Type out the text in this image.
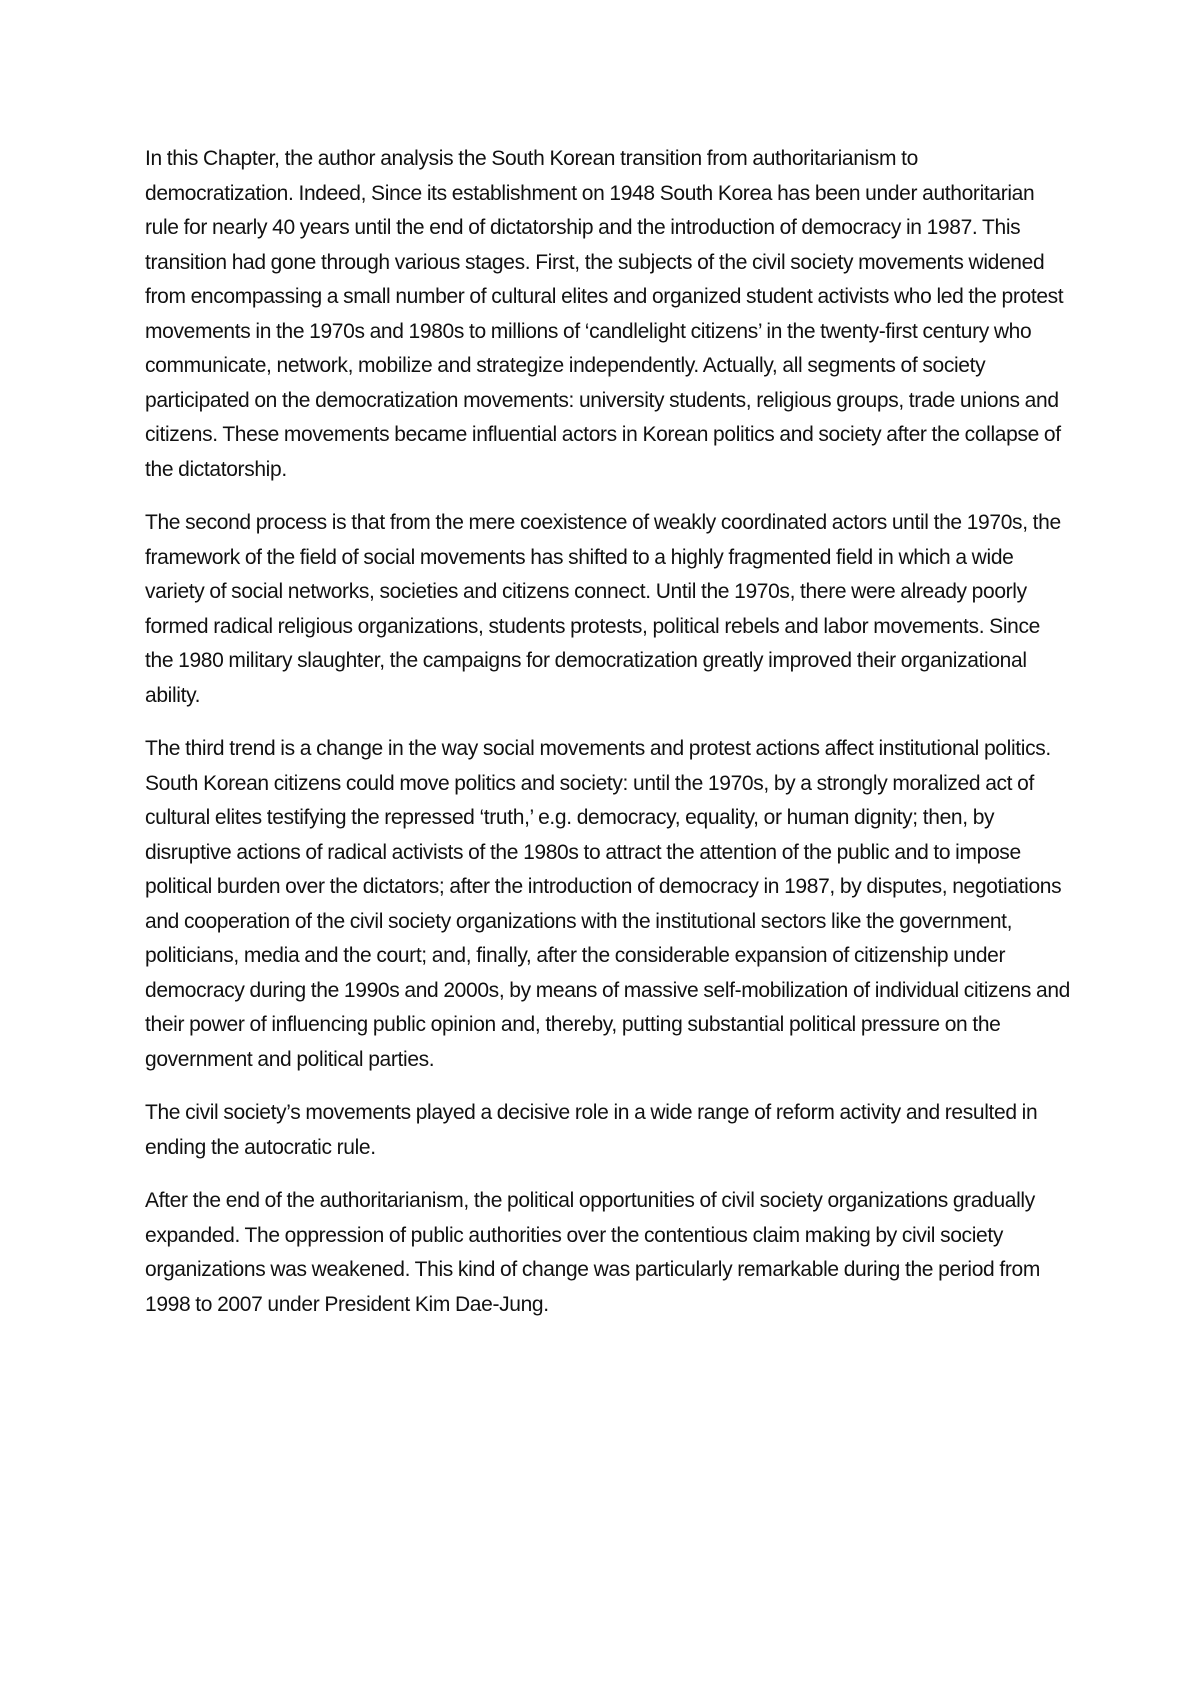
In this Chapter, the author analysis the South Korean transition from authoritarianism to democratization. Indeed, Since its establishment on 1948 South Korea has been under authoritarian rule for nearly 40 years until the end of dictatorship and the introduction of democracy in 1987. This transition had gone through various stages. First, the subjects of the civil society movements widened from encompassing a small number of cultural elites and organized student activists who led the protest movements in the 1970s and 1980s to millions of ‘candlelight citizens’ in the twenty-first century who communicate, network, mobilize and strategize independently. Actually, all segments of society participated on the democratization movements: university students, religious groups, trade unions and citizens. These movements became influential actors in Korean politics and society after the collapse of the dictatorship.

The second process is that from the mere coexistence of weakly coordinated actors until the 1970s, the framework of the field of social movements has shifted to a highly fragmented field in which a wide variety of social networks, societies and citizens connect. Until the 1970s, there were already poorly formed radical religious organizations, students protests, political rebels and labor movements. Since the 1980 military slaughter, the campaigns for democratization greatly improved their organizational ability.

The third trend is a change in the way social movements and protest actions affect institutional politics. South Korean citizens could move politics and society: until the 1970s, by a strongly moralized act of cultural elites testifying the repressed ‘truth,’ e.g. democracy, equality, or human dignity; then, by disruptive actions of radical activists of the 1980s to attract the attention of the public and to impose political burden over the dictators; after the introduction of democracy in 1987, by disputes, negotiations and cooperation of the civil society organizations with the institutional sectors like the government, politicians, media and the court; and, finally, after the considerable expansion of citizenship under democracy during the 1990s and 2000s, by means of massive self-mobilization of individual citizens and their power of influencing public opinion and, thereby, putting substantial political pressure on the government and political parties.

The civil society’s movements played a decisive role in a wide range of reform activity and resulted in ending the autocratic rule.

After the end of the authoritarianism, the political opportunities of civil society organizations gradually expanded. The oppression of public authorities over the contentious claim making by civil society organizations was weakened. This kind of change was particularly remarkable during the period from 1998 to 2007 under President Kim Dae-Jung.
